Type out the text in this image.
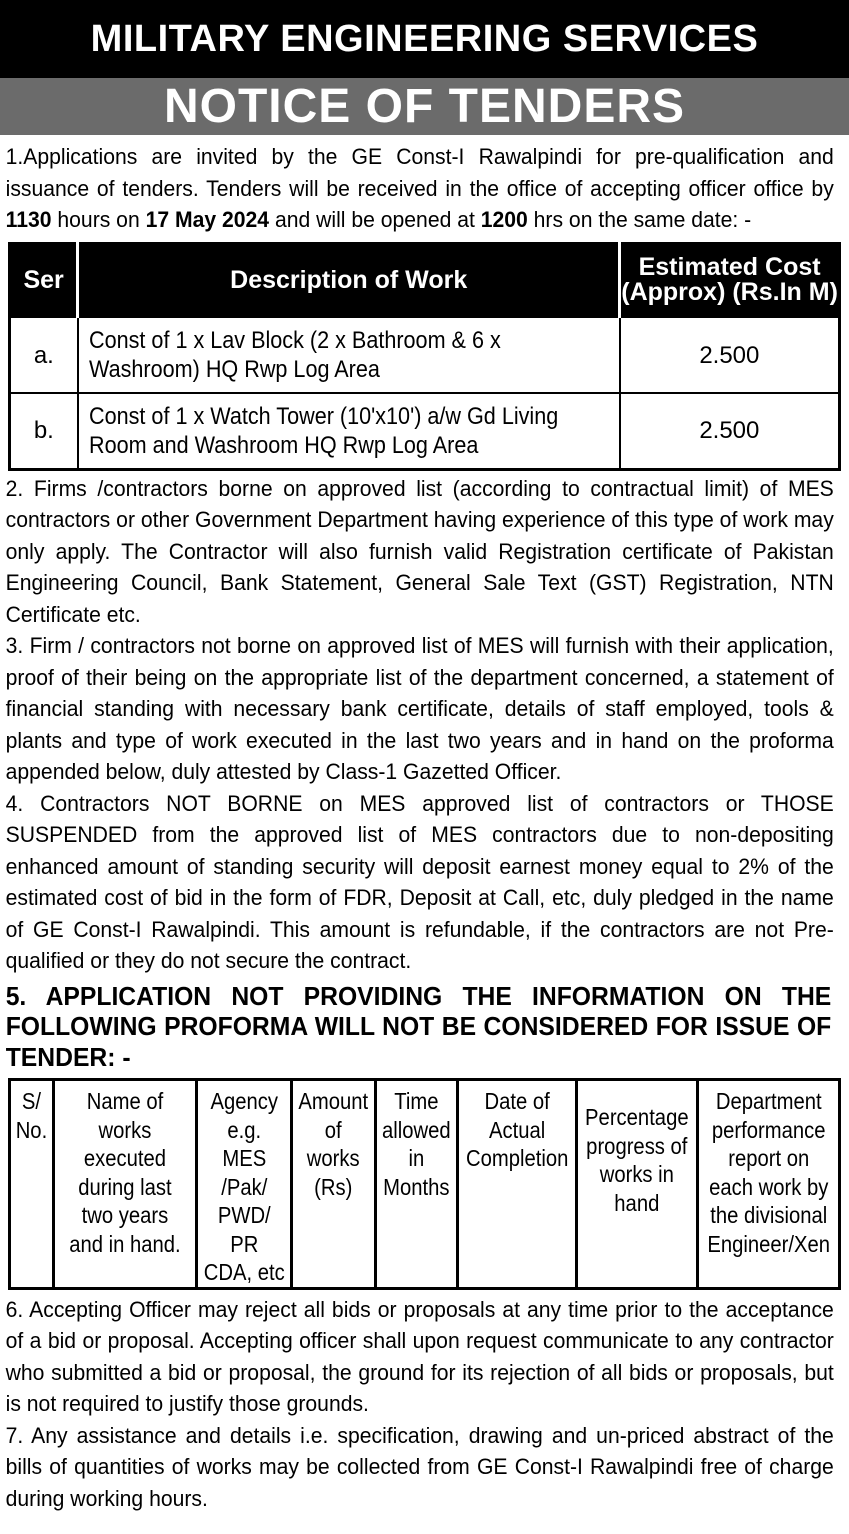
MILITARY ENGINEERING SERVICES
NOTICE OF TENDERS
1.Applications are invited by the GE Const-I Rawalpindi for pre-qualification and issuance of tenders. Tenders will be received in the office of accepting officer office by 1130 hours on 17 May 2024 and will be opened at 1200 hrs on the same date: -
Ser	Description of Work	Estimated Cost
(Approx) (Rs.In M)
a.	Const of 1 x Lav Block (2 x Bathroom & 6 x Washroom) HQ Rwp Log Area	2.500
b.	Const of 1 x Watch Tower (10'x10') a/w Gd Living Room and Washroom HQ Rwp Log Area	2.500
2. Firms /contractors borne on approved list (according to contractual limit) of MES contractors or other Government Department having experience of this type of work may only apply. The Contractor will also furnish valid Registration certificate of Pakistan Engineering Council, Bank Statement, General Sale Text (GST) Registration, NTN Certificate etc.
3. Firm / contractors not borne on approved list of MES will furnish with their application, proof of their being on the appropriate list of the department concerned, a statement of financial standing with necessary bank certificate, details of staff employed, tools & plants and type of work executed in the last two years and in hand on the proforma appended below, duly attested by Class-1 Gazetted Officer.
4. Contractors NOT BORNE on MES approved list of contractors or THOSE SUSPENDED from the approved list of MES contractors due to non-depositing enhanced amount of standing security will deposit earnest money equal to 2% of the estimated cost of bid in the form of FDR, Deposit at Call, etc, duly pledged in the name of GE Const-I Rawalpindi. This amount is refundable, if the contractors are not Pre- qualified or they do not secure the contract.
5. APPLICATION NOT PROVIDING THE INFORMATION ON THE FOLLOWING PROFORMA WILL NOT BE CONSIDERED FOR ISSUE OF TENDER: -
S/ No.	Name of works executed during last two years and in hand.	Agency e.g. MES /Pak/ PWD/ PR CDA, etc	Amount of works (Rs)	Time allowed in Months	Date of Actual Completion	Percentage progress of works in hand	Department performance report on each work by the divisional Engineer/Xen
6. Accepting Officer may reject all bids or proposals at any time prior to the acceptance of a bid or proposal. Accepting officer shall upon request communicate to any contractor who submitted a bid or proposal, the ground for its rejection of all bids or proposals, but is not required to justify those grounds.
7. Any assistance and details i.e. specification, drawing and un-priced abstract of the bills of quantities of works may be collected from GE Const-I Rawalpindi free of charge during working hours.
